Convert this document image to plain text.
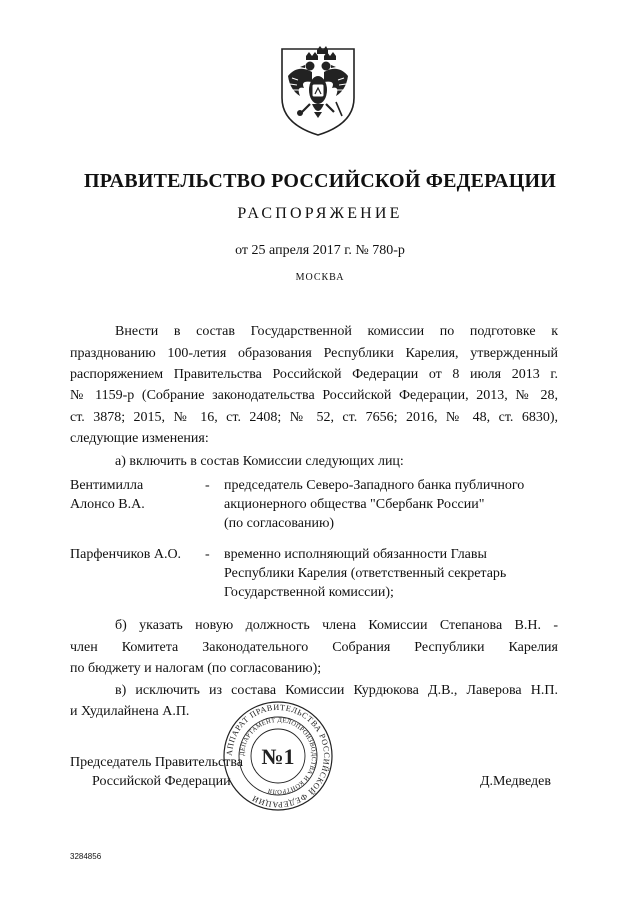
ПРАВИТЕЛЬСТВО РОССИЙСКОЙ ФЕДЕРАЦИИ
РАСПОРЯЖЕНИЕ
от 25 апреля 2017 г. № 780-р
МОСКВА
Внести в состав Государственной комиссии по подготовке к
празднованию 100-летия образования Республики Карелия, утвержденный
распоряжением Правительства Российской Федерации от 8 июля 2013 г.
№ 1159-р (Собрание законодательства Российской Федерации, 2013, № 28,
ст. 3878; 2015, № 16, ст. 2408; № 52, ст. 7656; 2016, № 48, ст. 6830),
следующие изменения:
а) включить в состав Комиссии следующих лиц:
Вентимилла
Алонсо В.А.
- председатель Северо-Западного банка публичного
акционерного общества "Сбербанк России"
(по согласованию)
Парфенчиков А.О. - временно исполняющий обязанности Главы
Республики Карелия (ответственный секретарь
Государственной комиссии);
б) указать новую должность члена Комиссии Степанова В.Н. -
член Комитета Законодательного Собрания Республики Карелия
по бюджету и налогам (по согласованию);
в) исключить из состава Комиссии Курдюкова Д.В., Лаверова Н.П.
и Худилайнена А.П.
Председатель Правительства
Российской Федерации	Д.Медведев
АППАРАТ ПРАВИТЕЛЬСТВА РОССИЙСКОЙ ФЕДЕРАЦИИ
ДЕПАРТАМЕНТ ДЕЛОПРОИЗВОДСТВА И КОНТРОЛЯ
№1
3284856
